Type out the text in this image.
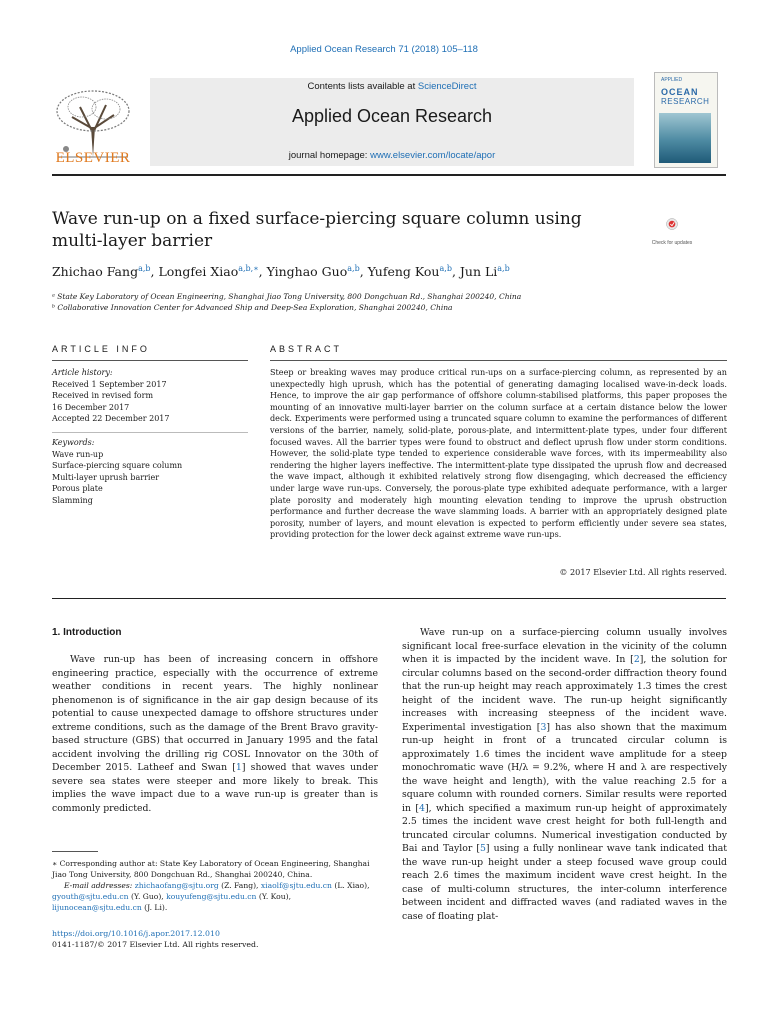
Applied Ocean Research 71 (2018) 105–118
ELSEVIER
Contents lists available at ScienceDirect
Applied Ocean Research
journal homepage: www.elsevier.com/locate/apor
APPLIED
OCEAN
RESEARCH
Wave run-up on a fixed surface-piercing square column using multi-layer barrier	Check for updates
Zhichao Fang$^{a,b}$, Longfei Xiao$^{a,b,∗}$, Yinghao Guo$^{a,b}$, Yufeng Kou$^{a,b}$, Jun Li$^{a,b}$
ᵃ State Key Laboratory of Ocean Engineering, Shanghai Jiao Tong University, 800 Dongchuan Rd., Shanghai 200240, China
ᵇ Collaborative Innovation Center for Advanced Ship and Deep-Sea Exploration, Shanghai 200240, China
ARTICLE INFO	ABSTRACT
Article history:
Received 1 September 2017
Received in revised form
16 December 2017
Accepted 22 December 2017
Keywords:
Wave run-up
Surface-piercing square column
Multi-layer uprush barrier
Porous plate
Slamming
Steep or breaking waves may produce critical run-ups on a surface-piercing column, as represented by an unexpectedly high uprush, which has the potential of generating damaging localised wave-in-deck loads. Hence, to improve the air gap performance of offshore column-stabilised platforms, this paper proposes the mounting of an innovative multi-layer barrier on the column surface at a certain distance below the lower deck. Experiments were performed using a truncated square column to examine the performances of different versions of the barrier, namely, solid-plate, porous-plate, and intermittent-plate types, under four different focused waves. All the barrier types were found to obstruct and deflect uprush flow under storm conditions. However, the solid-plate type tended to experience considerable wave forces, with its impermeability also rendering the higher layers ineffective. The intermittent-plate type dissipated the uprush flow and decreased the wave impact, although it exhibited relatively strong flow disengaging, which decreased the efficiency under large wave run-ups. Conversely, the porous-plate type exhibited adequate performance, with a larger plate porosity and moderately high mounting elevation tending to improve the uprush obstruction performance and further decrease the wave slamming loads. A barrier with an appropriately designed plate porosity, number of layers, and mount elevation is expected to perform efficiently under severe sea states, providing protection for the lower deck against extreme wave run-ups.
© 2017 Elsevier Ltd. All rights reserved.
1. Introduction
Wave run-up has been of increasing concern in offshore engineering practice, especially with the occurrence of extreme weather conditions in recent years. The highly nonlinear phenomenon is of significance in the air gap design because of its potential to cause unexpected damage to offshore structures under extreme conditions, such as the damage of the Brent Bravo gravity-based structure (GBS) that occurred in January 1995 and the fatal accident involving the drilling rig COSL Innovator on the 30th of December 2015. Latheef and Swan [1] showed that waves under severe sea states were steeper and more likely to break. This implies the wave impact due to a wave run-up is greater than is commonly predicted.
Wave run-up on a surface-piercing column usually involves significant local free-surface elevation in the vicinity of the column when it is impacted by the incident wave. In [2], the solution for circular columns based on the second-order diffraction theory found that the run-up height may reach approximately 1.3 times the crest height of the incident wave. The run-up height significantly increases with increasing steepness of the incident wave. Experimental investigation [3] has also shown that the maximum run-up height in front of a truncated circular column is approximately 1.6 times the incident wave amplitude for a steep monochromatic wave (H/λ = 9.2%, where H and λ are respectively the wave height and length), with the value reaching 2.5 for a square column with rounded corners. Similar results were reported in [4], which specified a maximum run-up height of approximately 2.5 times the incident wave crest height for both full-length and truncated circular columns. Numerical investigation conducted by Bai and Taylor [5] using a fully nonlinear wave tank indicated that the wave run-up height under a steep focused wave group could reach 2.6 times the maximum incident wave crest height. In the case of multi-column structures, the inter-column interference between incident and diffracted waves (and radiated waves in the case of floating plat-
∗ Corresponding author at: State Key Laboratory of Ocean Engineering, Shanghai Jiao Tong University, 800 Dongchuan Rd., Shanghai 200240, China.
E-mail addresses: zhichaofang@sjtu.org (Z. Fang), xiaolf@sjtu.edu.cn (L. Xiao), gyouth@sjtu.edu.cn (Y. Guo), kouyufeng@sjtu.edu.cn (Y. Kou), lijunocean@sjtu.edu.cn (J. Li).
https://doi.org/10.1016/j.apor.2017.12.010
0141-1187/© 2017 Elsevier Ltd. All rights reserved.
